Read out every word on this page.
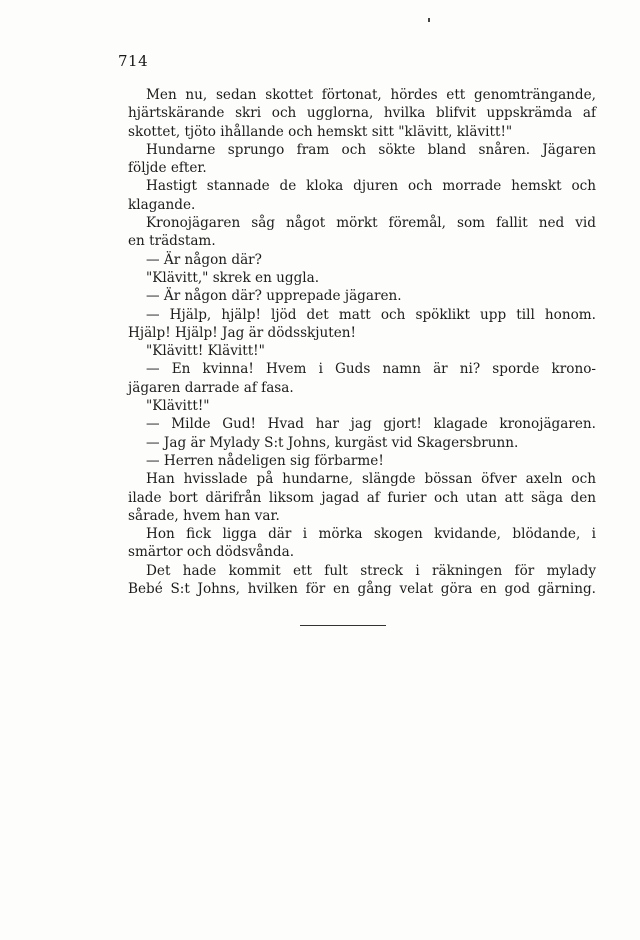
714
Men nu, sedan skottet förtonat, hördes ett genomträngande,
hjärtskärande skri och ugglorna, hvilka blifvit uppskrämda af
skottet, tjöto ihållande och hemskt sitt "klävitt, klävitt!"
Hundarne sprungo fram och sökte bland snåren. Jägaren
följde efter.
Hastigt stannade de kloka djuren och morrade hemskt och
klagande.
Kronojägaren såg något mörkt föremål, som fallit ned vid
en trädstam.
— Är någon där?
"Klävitt," skrek en uggla.
— Är någon där? upprepade jägaren.
— Hjälp, hjälp! ljöd det matt och spöklikt upp till honom.
Hjälp! Hjälp! Jag är dödsskjuten!
"Klävitt! Klävitt!"
— En kvinna! Hvem i Guds namn är ni? sporde krono-
jägaren darrade af fasa.
"Klävitt!"
— Milde Gud! Hvad har jag gjort! klagade kronojägaren.
— Jag är Mylady S:t Johns, kurgäst vid Skagersbrunn.
— Herren nådeligen sig förbarme!
Han hvisslade på hundarne, slängde bössan öfver axeln och
ilade bort därifrån liksom jagad af furier och utan att säga den
sårade, hvem han var.
Hon fick ligga där i mörka skogen kvidande, blödande, i
smärtor och dödsvånda.
Det hade kommit ett fult streck i räkningen för mylady
Bebé S:t Johns, hvilken för en gång velat göra en god gärning.
